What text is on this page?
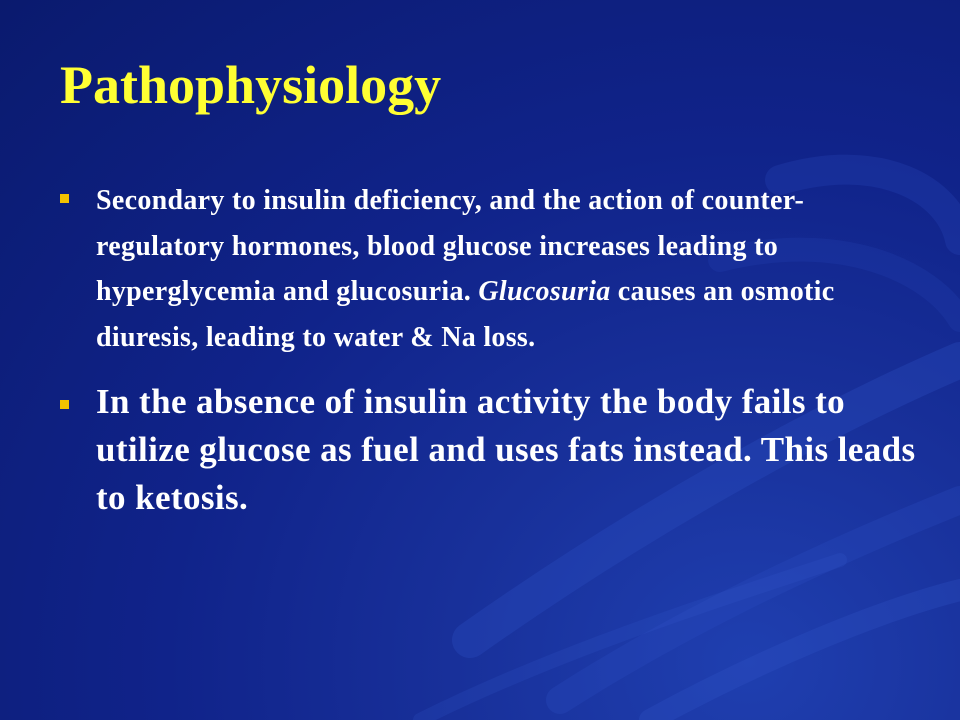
Pathophysiology
Secondary to insulin deficiency, and the action of counter-regulatory hormones, blood glucose increases leading to hyperglycemia and glucosuria. Glucosuria causes an osmotic diuresis, leading to water & Na loss.
In the absence of insulin activity the body fails to utilize glucose as fuel and uses fats instead. This leads to ketosis.
